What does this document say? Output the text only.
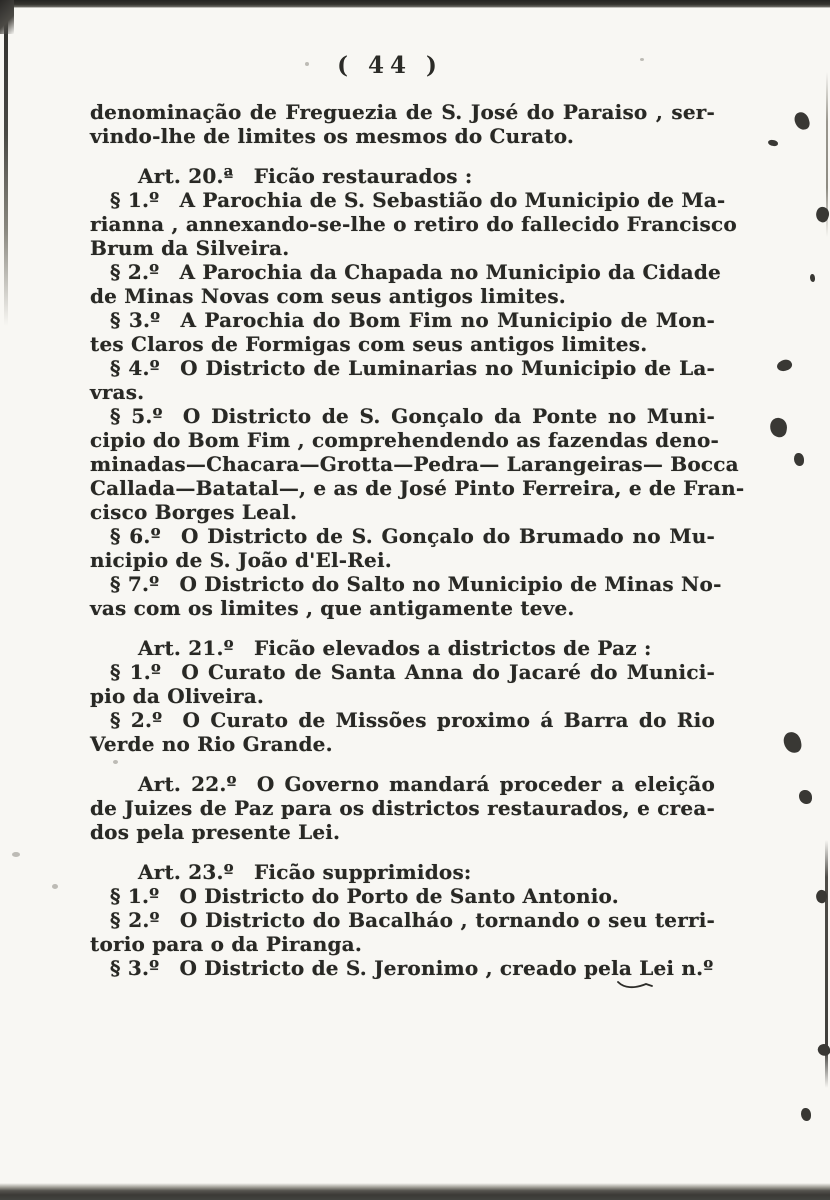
( 44 )
denominação de Freguezia de S. José do Paraiso , ser-
vindo-lhe de limites os mesmos do Curato.
Art. 20.ª Ficão restaurados :
§ 1.º A Parochia de S. Sebastião do Municipio de Ma-
rianna , annexando-se-lhe o retiro do fallecido Francisco
Brum da Silveira.
§ 2.º A Parochia da Chapada no Municipio da Cidade
de Minas Novas com seus antigos limites.
§ 3.º A Parochia do Bom Fim no Municipio de Mon-
tes Claros de Formigas com seus antigos limites.
§ 4.º O Districto de Luminarias no Municipio de La-
vras.
§ 5.º O Districto de S. Gonçalo da Ponte no Muni-
cipio do Bom Fim , comprehendendo as fazendas deno-
minadas—Chacara—Grotta—Pedra— Larangeiras— Bocca
Callada—Batatal—, e as de José Pinto Ferreira, e de Fran-
cisco Borges Leal.
§ 6.º O Districto de S. Gonçalo do Brumado no Mu-
nicipio de S. João d'El-Rei.
§ 7.º O Districto do Salto no Municipio de Minas No-
vas com os limites , que antigamente teve.
Art. 21.º Ficão elevados a districtos de Paz :
§ 1.º O Curato de Santa Anna do Jacaré do Munici-
pio da Oliveira.
§ 2.º O Curato de Missões proximo á Barra do Rio
Verde no Rio Grande.
Art. 22.º O Governo mandará proceder a eleição
de Juizes de Paz para os districtos restaurados, e crea-
dos pela presente Lei.
Art. 23.º Ficão supprimidos:
§ 1.º O Districto do Porto de Santo Antonio.
§ 2.º O Districto do Bacalháo , tornando o seu terri-
torio para o da Piranga.
§ 3.º O Districto de S. Jeronimo , creado pela Lei n.º
